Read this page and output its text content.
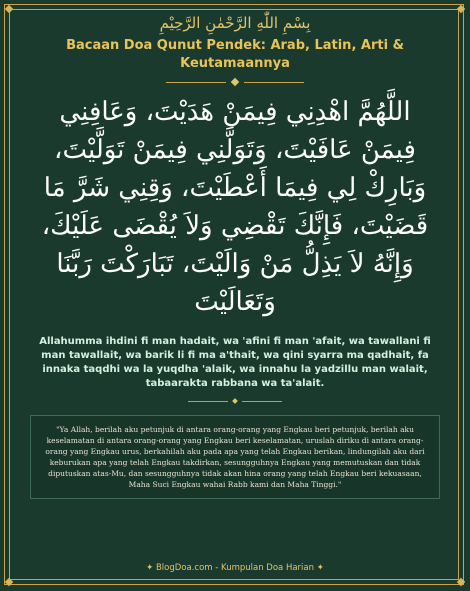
بِسْمِ اللّٰهِ الرَّحْمٰنِ الرَّحِيْمِ
Bacaan Doa Qunut Pendek: Arab, Latin, Arti & Keutamaannya
اللَّهُمَّ اهْدِنِي فِيمَنْ هَدَيْتَ، وَعَافِنِي فِيمَنْ عَافَيْتَ، وَتَوَلَّنِي فِيمَنْ تَوَلَّيْتَ، وَبَارِكْ لِي فِيمَا أَعْطَيْتَ، وَقِنِي شَرَّ مَا قَضَيْتَ، فَإِنَّكَ تَقْضِي وَلاَ يُقْضَى عَلَيْكَ، وَإِنَّهُ لاَ يَذِلُّ مَنْ وَالَيْتَ، تَبَارَكْتَ رَبَّنَا وَتَعَالَيْتَ
Allahumma ihdini fi man hadait, wa 'afini fi man 'afait, wa tawallani fi man tawallait, wa barik li fi ma a'thait, wa qini syarra ma qadhait, fa innaka taqdhi wa la yuqdha 'alaik, wa innahu la yadzillu man walait, tabaarakta rabbana wa ta'alait.
"Ya Allah, berilah aku petunjuk di antara orang-orang yang Engkau beri petunjuk, berilah aku keselamatan di antara orang-orang yang Engkau beri keselamatan, uruslah diriku di antara orang-orang yang Engkau urus, berkahilah aku pada apa yang telah Engkau berikan, lindungilah aku dari keburukan apa yang telah Engkau takdirkan, sesungguhnya Engkau yang memutuskan dan tidak diputuskan atas-Mu, dan sesungguhnya tidak akan hina orang yang telah Engkau beri kekuasaan, Maha Suci Engkau wahai Rabb kami dan Maha Tinggi."
✦ BlogDoa.com - Kumpulan Doa Harian ✦
